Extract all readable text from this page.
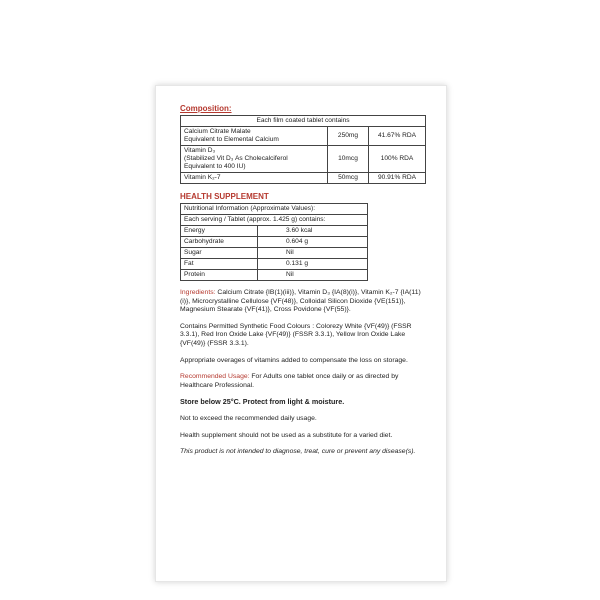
Composition:
Each film coated tablet contains		

Calcium Citrate Malate
Equivalent to Elemental Calcium	250mg	41.67% RDA

Vitamin D₃
(Stabilized Vit D₃ As Cholecalciferol
Equivalent to 400 IU)	10mcg	100% RDA

Vitamin K₂-7	50mcg	90.91% RDA
HEALTH SUPPLEMENT
Nutritional Information (Approximate Values):	
Each serving / Tablet (approx. 1.425 g) contains:	
Energy	3.60 kcal
Carbohydrate	0.604 g
Sugar	Nil
Fat	0.131 g
Protein	Nil
Ingredients: Calcium Citrate {IB(1)(iii)}, Vitamin D₃ {IA(8)(i)}, Vitamin K₂-7 {IA(11)(i)}, Microcrystalline Cellulose {VF(48)}, Colloidal Silicon Dioxide {VE(151)}, Magnesium Stearate {VF(41)}, Cross Povidone {VF(55)}.
Contains Permitted Synthetic Food Colours : Colorezy White {VF(49)} (FSSR 3.3.1), Red Iron Oxide Lake {VF(49)} (FSSR 3.3.1), Yellow Iron Oxide Lake {VF(49)} (FSSR 3.3.1).
Appropriate overages of vitamins added to compensate the loss on storage.
Recommended Usage: For Adults one tablet once daily or as directed by Healthcare Professional.
Store below 25°C. Protect from light & moisture.
Not to exceed the recommended daily usage.
Health supplement should not be used as a substitute for a varied diet.
This product is not intended to diagnose, treat, cure or prevent any disease(s).
